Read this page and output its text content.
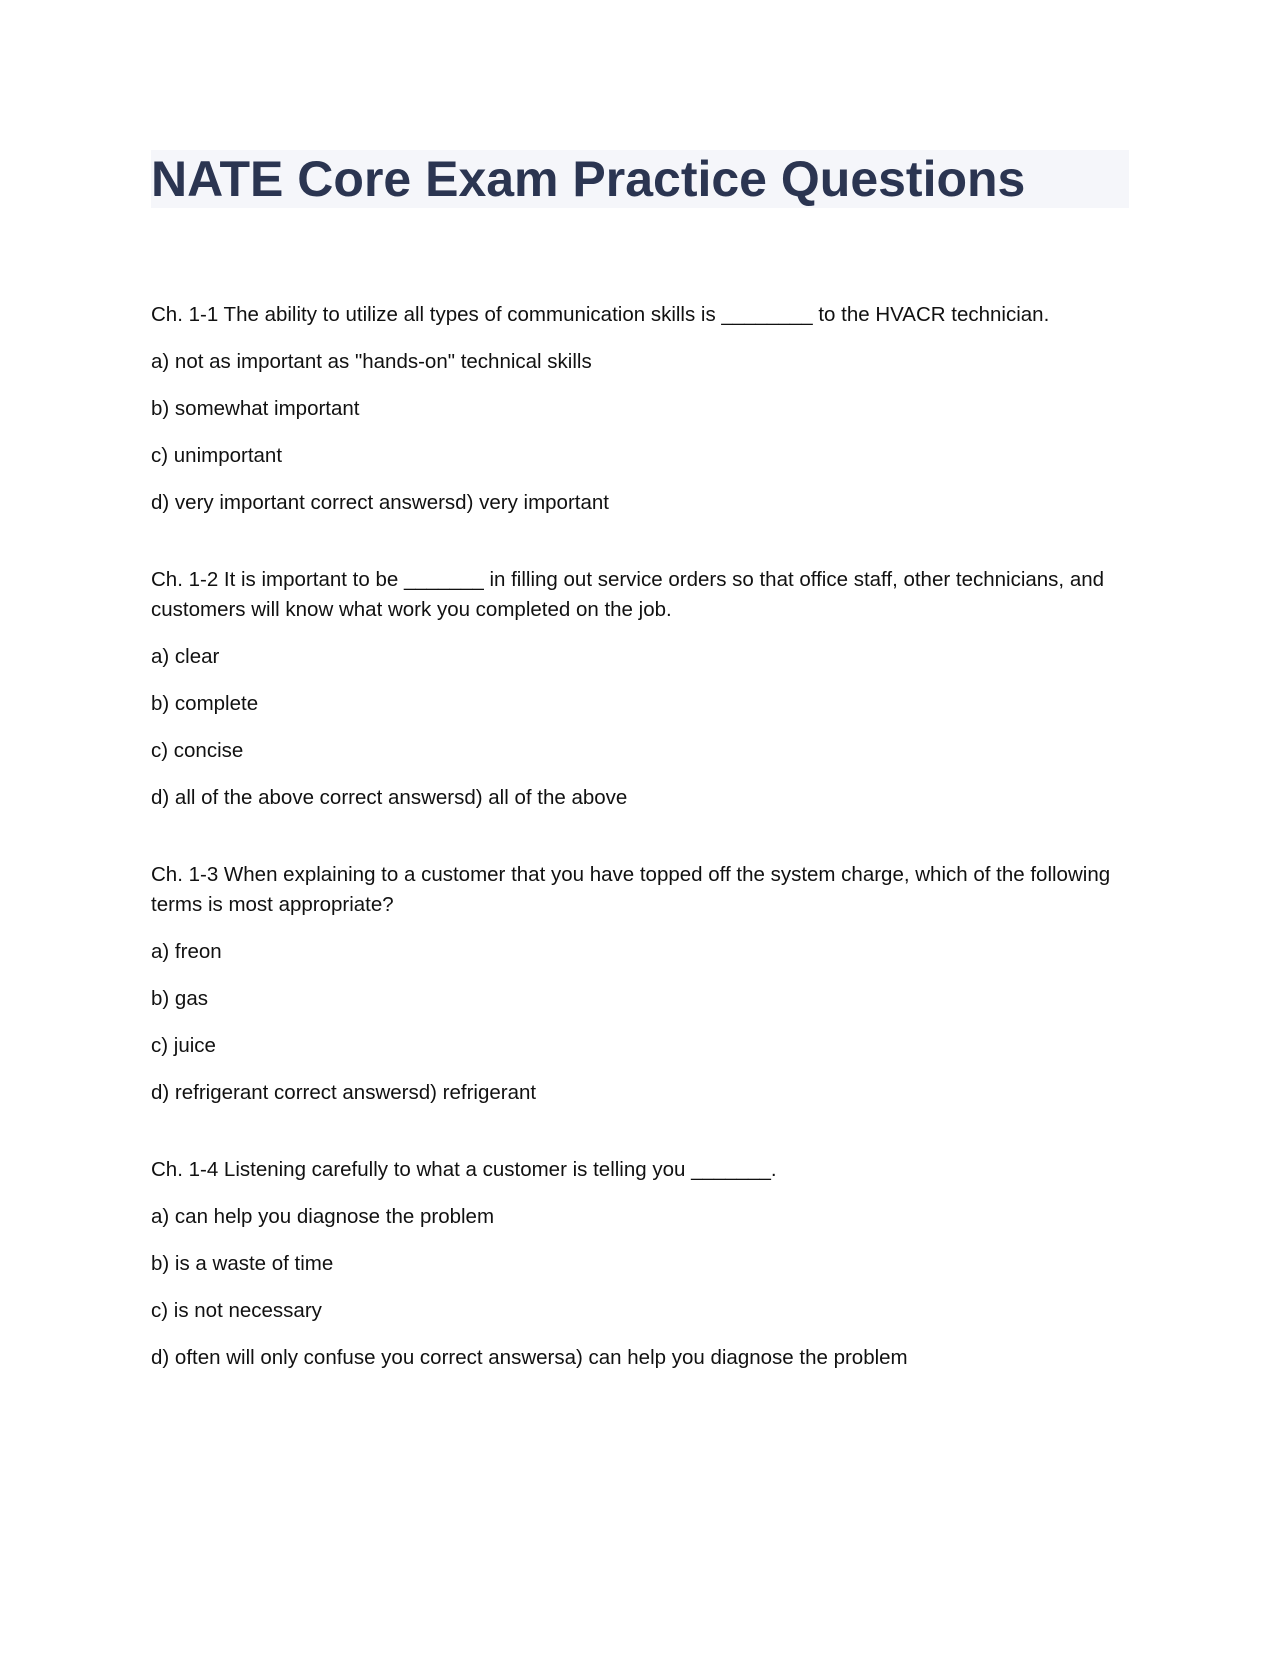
NATE Core Exam Practice Questions

Ch. 1-1 The ability to utilize all types of communication skills is ________ to the HVACR technician.

a) not as important as "hands-on" technical skills

b) somewhat important

c) unimportant

d) very important correct answersd) very important

Ch. 1-2 It is important to be _______ in filling out service orders so that office staff, other technicians, and customers will know what work you completed on the job.

a) clear

b) complete

c) concise

d) all of the above correct answersd) all of the above

Ch. 1-3 When explaining to a customer that you have topped off the system charge, which of the following terms is most appropriate?

a) freon

b) gas

c) juice

d) refrigerant correct answersd) refrigerant

Ch. 1-4 Listening carefully to what a customer is telling you _______.

a) can help you diagnose the problem

b) is a waste of time

c) is not necessary

d) often will only confuse you correct answersa) can help you diagnose the problem
